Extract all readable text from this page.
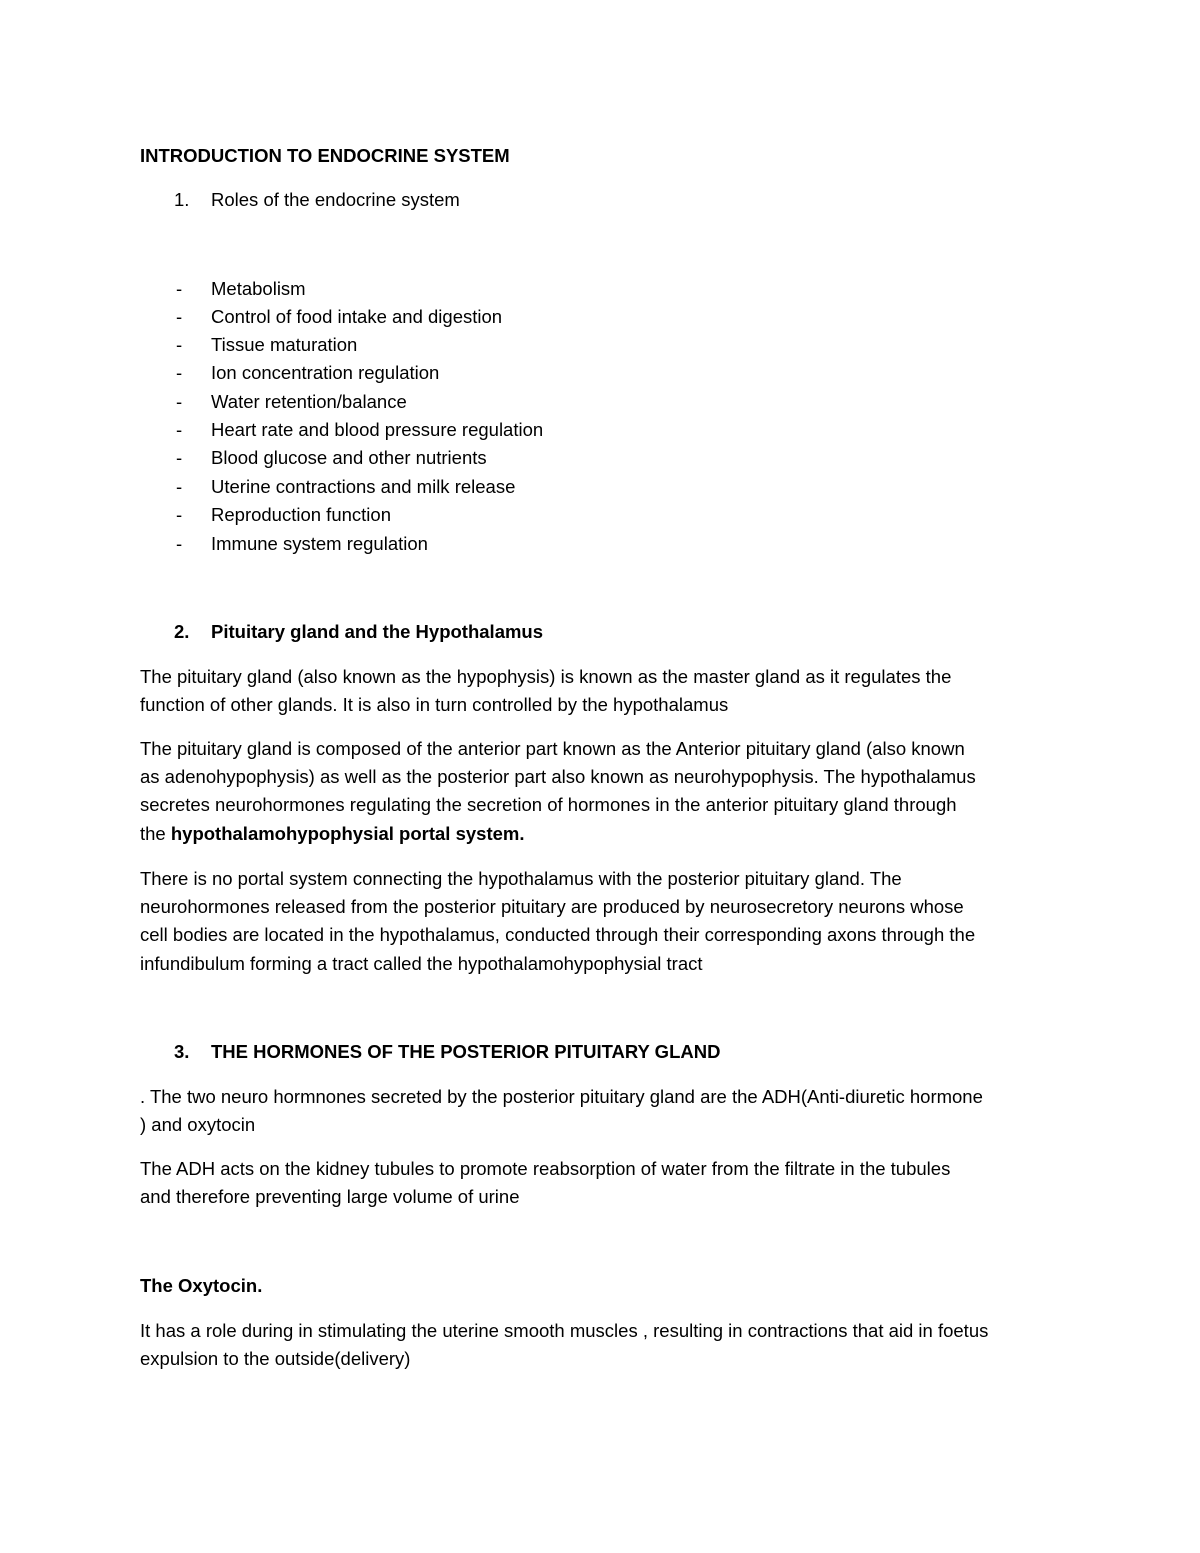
INTRODUCTION TO ENDOCRINE SYSTEM
1. Roles of the endocrine system
- Metabolism
- Control of food intake and digestion
- Tissue maturation
- Ion concentration regulation
- Water retention/balance
- Heart rate and blood pressure regulation
- Blood glucose and other nutrients
- Uterine contractions and milk release
- Reproduction function
- Immune system regulation
2. Pituitary gland and the Hypothalamus
The pituitary gland (also known as the hypophysis) is known as the master gland as it regulates the
function of other glands. It is also in turn controlled by the hypothalamus
The pituitary gland is composed of the anterior part known as the Anterior pituitary gland (also known
as adenohypophysis) as well as the posterior part also known as neurohypophysis. The hypothalamus
secretes neurohormones regulating the secretion of hormones in the anterior pituitary gland through
the hypothalamohypophysial portal system.
There is no portal system connecting the hypothalamus with the posterior pituitary gland. The
neurohormones released from the posterior pituitary are produced by neurosecretory neurons whose
cell bodies are located in the hypothalamus, conducted through their corresponding axons through the
infundibulum forming a tract called the hypothalamohypophysial tract
3. THE HORMONES OF THE POSTERIOR PITUITARY GLAND
. The two neuro hormnones secreted by the posterior pituitary gland are the ADH(Anti-diuretic hormone
) and oxytocin
The ADH acts on the kidney tubules to promote reabsorption of water from the filtrate in the tubules
and therefore preventing large volume of urine
The Oxytocin.
It has a role during in stimulating the uterine smooth muscles , resulting in contractions that aid in foetus
expulsion to the outside(delivery)
